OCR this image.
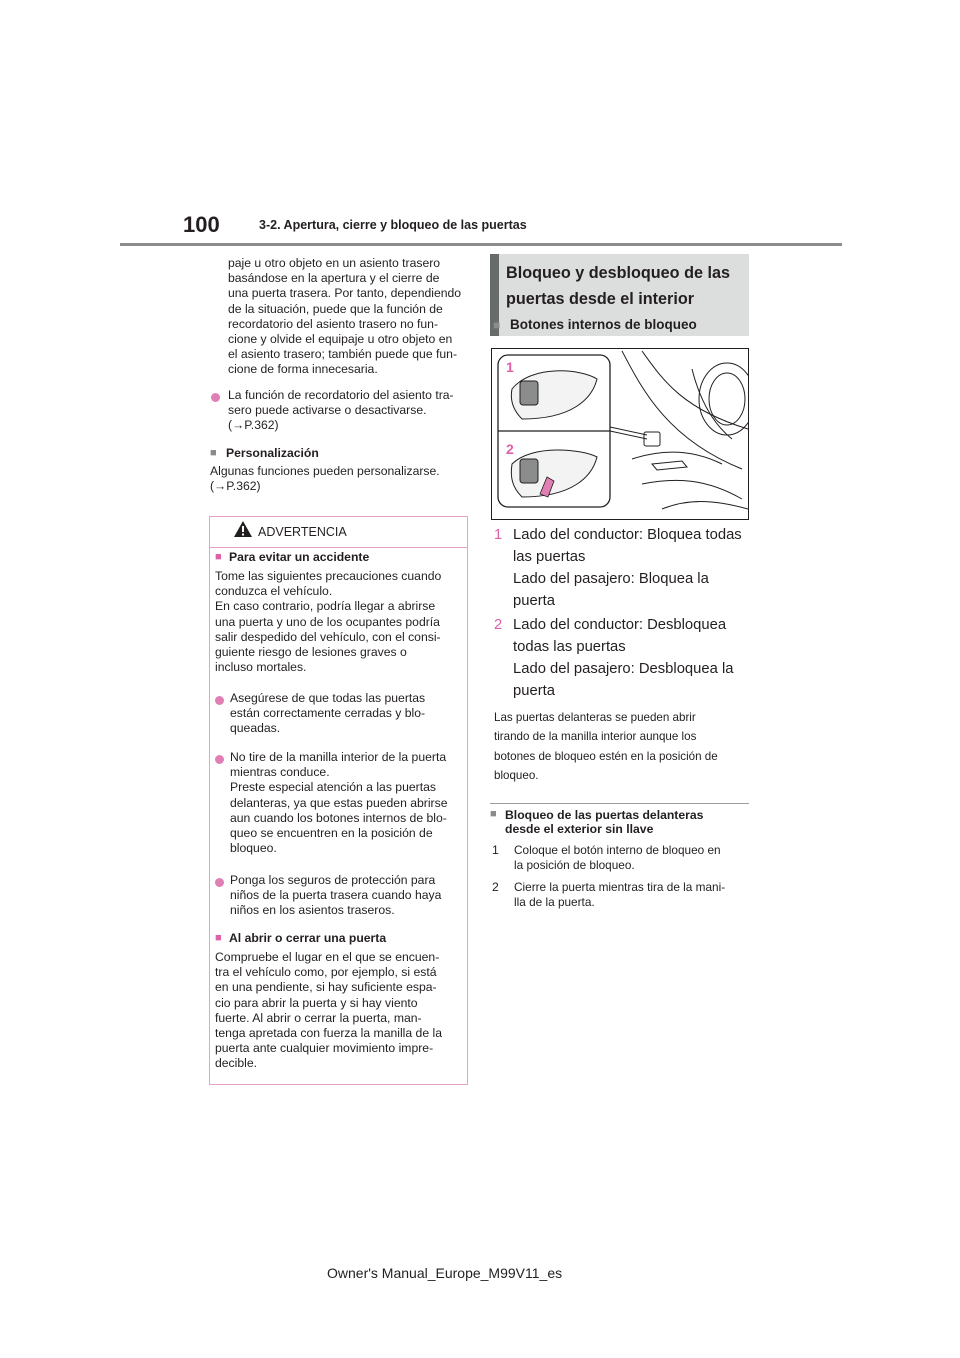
100	3-2. Apertura, cierre y bloqueo de las puertas

paje u otro objeto en un asiento trasero
basándose en la apertura y el cierre de
una puerta trasera. Por tanto, dependiendo
de la situación, puede que la función de
recordatorio del asiento trasero no fun-
cione y olvide el equipaje u otro objeto en
el asiento trasero; también puede que fun-
cione de forma innecesaria.

La función de recordatorio del asiento tra-
sero puede activarse o desactivarse.
(→P.362)

■ Personalización

Algunas funciones pueden personalizarse.
(→P.362)

ADVERTENCIA
■ Para evitar un accidente

Tome las siguientes precauciones cuando
conduzca el vehículo.
En caso contrario, podría llegar a abrirse
una puerta y uno de los ocupantes podría
salir despedido del vehículo, con el consi-
guiente riesgo de lesiones graves o
incluso mortales.

Asegúrese de que todas las puertas
están correctamente cerradas y blo-
queadas.

No tire de la manilla interior de la puerta
mientras conduce.
Preste especial atención a las puertas
delanteras, ya que estas pueden abrirse
aun cuando los botones internos de blo-
queo se encuentren en la posición de
bloqueo.

Ponga los seguros de protección para
niños de la puerta trasera cuando haya
niños en los asientos traseros.

■ Al abrir o cerrar una puerta

Compruebe el lugar en el que se encuen-
tra el vehículo como, por ejemplo, si está
en una pendiente, si hay suficiente espa-
cio para abrir la puerta y si hay viento
fuerte. Al abrir o cerrar la puerta, man-
tenga apretada con fuerza la manilla de la
puerta ante cualquier movimiento impre-
decible.

Bloqueo y desbloqueo de las
puertas desde el interior
■ Botones internos de bloqueo

1
2
1 Lado del conductor: Bloquea todas
las puertas
Lado del pasajero: Bloquea la
puerta

2 Lado del conductor: Desbloquea
todas las puertas
Lado del pasajero: Desbloquea la
puerta

Las puertas delanteras se pueden abrir
tirando de la manilla interior aunque los
botones de bloqueo estén en la posición de
bloqueo.

■ Bloqueo de las puertas delanteras
desde el exterior sin llave

1 Coloque el botón interno de bloqueo en
la posición de bloqueo.

2 Cierre la puerta mientras tira de la mani-
lla de la puerta.

Owner's Manual_Europe_M99V11_es
